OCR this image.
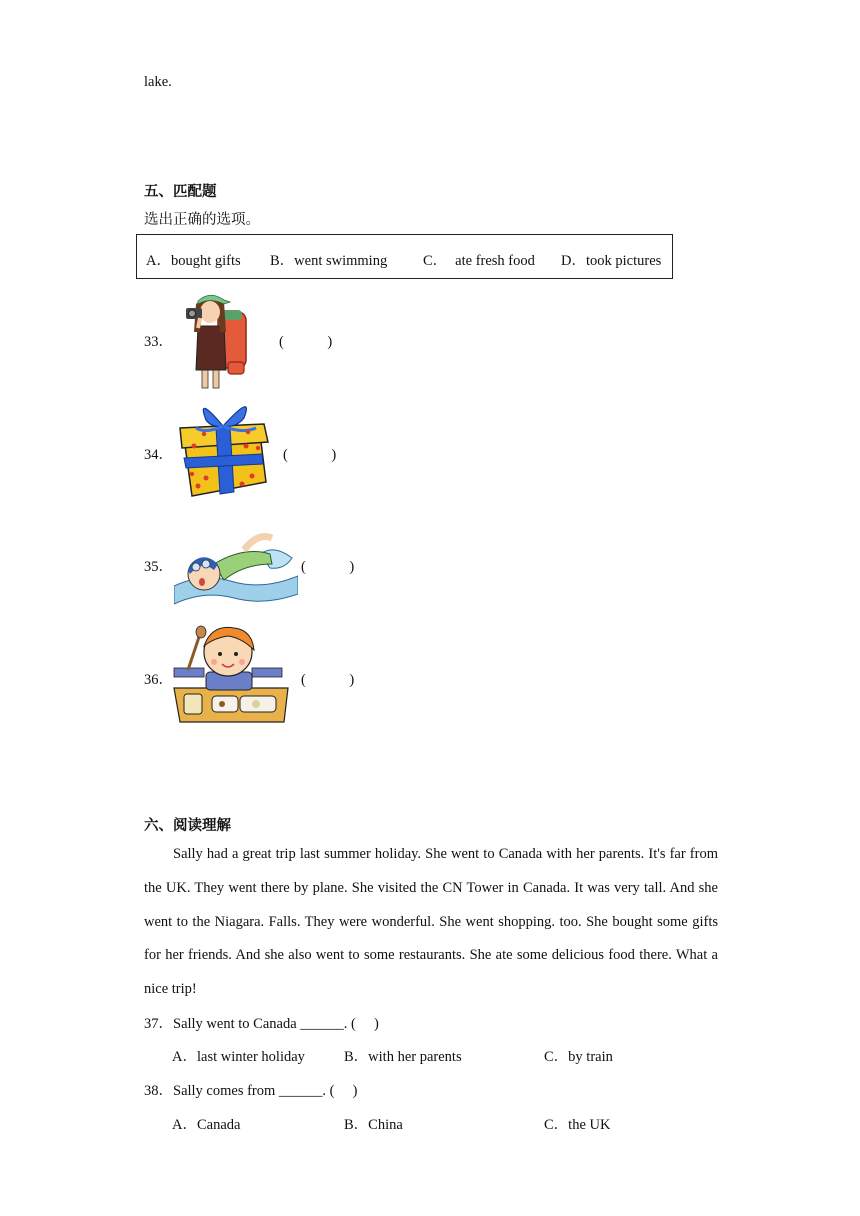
lake.
五、匹配题
选出正确的选项。
A．bought gifts B．went swimming C． ate fresh food D．took pictures
33．	(　　　)
34．	(　　　)
35．	(　　　)
36．	(　　　)
六、阅读理解
Sally had a great trip last summer holiday. She went to Canada with her parents. It's far from the UK. They went there by plane. She visited the CN Tower in Canada. It was very tall. And she went to the Niagara. Falls. They were wonderful. She went shopping. too. She bought some gifts for her friends. And she also went to some restaurants. She ate some delicious food there. What a nice trip!
37．Sally went to Canada ______. (　 )
A．last winter holiday	B．with her parents	C．by train
38．Sally comes from ______. (　 )
A．Canada	B．China	C．the UK
